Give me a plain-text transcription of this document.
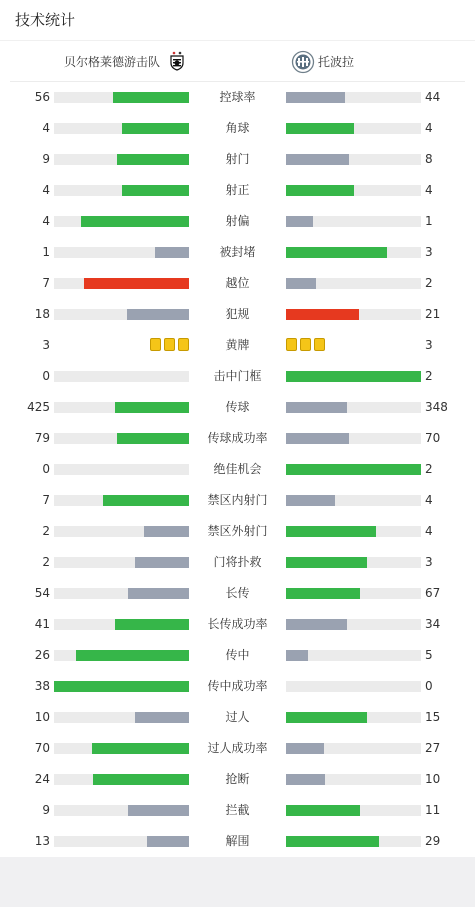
技术统计
贝尔格莱德游击队	托波拉
56	控球率	44
4	角球	4
9	射门	8
4	射正	4
4	射偏	1
1	被封堵	3
7	越位	2
18	犯规	21
3	黄牌	3
0	击中门框	2
425	传球	348
79	传球成功率	70
0	绝佳机会	2
7	禁区内射门	4
2	禁区外射门	4
2	门将扑救	3
54	长传	67
41	长传成功率	34
26	传中	5
38	传中成功率	0
10	过人	15
70	过人成功率	27
24	抢断	10
9	拦截	11
13	解围	29
